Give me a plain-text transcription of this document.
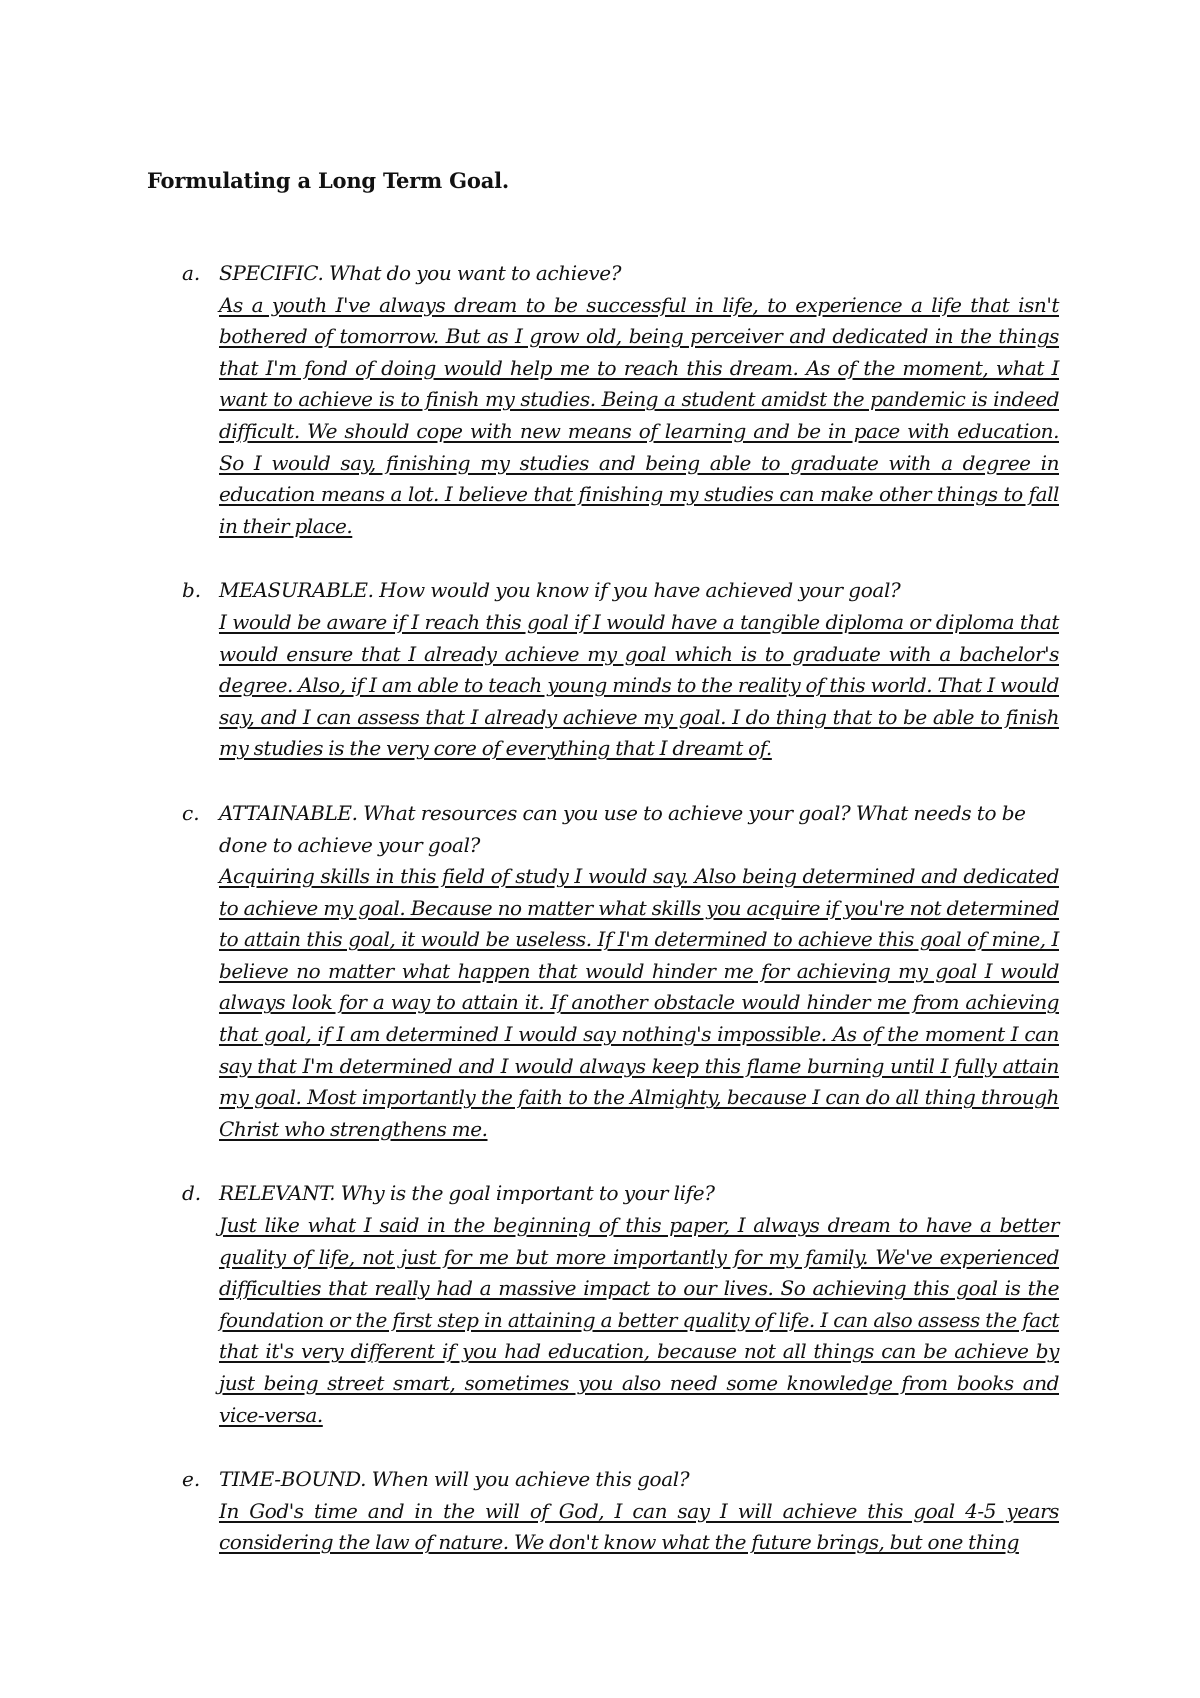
Formulating a Long Term Goal.
a. SPECIFIC. What do you want to achieve?
As a youth I've always dream to be successful in life, to experience a life that isn't bothered of tomorrow. But as I grow old, being perceiver and dedicated in the things that I'm fond of doing would help me to reach this dream. As of the moment, what I want to achieve is to finish my studies. Being a student amidst the pandemic is indeed difficult. We should cope with new means of learning and be in pace with education. So I would say, finishing my studies and being able to graduate with a degree in education means a lot. I believe that finishing my studies can make other things to fall in their place.
b. MEASURABLE. How would you know if you have achieved your goal?
I would be aware if I reach this goal if I would have a tangible diploma or diploma that would ensure that I already achieve my goal which is to graduate with a bachelor's degree. Also, if I am able to teach young minds to the reality of this world. That I would say, and I can assess that I already achieve my goal. I do thing that to be able to finish my studies is the very core of everything that I dreamt of.
c. ATTAINABLE. What resources can you use to achieve your goal? What needs to be done to achieve your goal?
Acquiring skills in this field of study I would say. Also being determined and dedicated to achieve my goal. Because no matter what skills you acquire if you're not determined to attain this goal, it would be useless. If I'm determined to achieve this goal of mine, I believe no matter what happen that would hinder me for achieving my goal I would always look for a way to attain it. If another obstacle would hinder me from achieving that goal, if I am determined I would say nothing's impossible. As of the moment I can say that I'm determined and I would always keep this flame burning until I fully attain my goal. Most importantly the faith to the Almighty, because I can do all thing through Christ who strengthens me.
d. RELEVANT. Why is the goal important to your life?
Just like what I said in the beginning of this paper, I always dream to have a better quality of life, not just for me but more importantly for my family. We've experienced difficulties that really had a massive impact to our lives. So achieving this goal is the foundation or the first step in attaining a better quality of life. I can also assess the fact that it's very different if you had education, because not all things can be achieve by just being street smart, sometimes you also need some knowledge from books and vice-versa.
e. TIME-BOUND. When will you achieve this goal?
In God's time and in the will of God, I can say I will achieve this goal 4-5 years considering the law of nature. We don't know what the future brings, but one thing
